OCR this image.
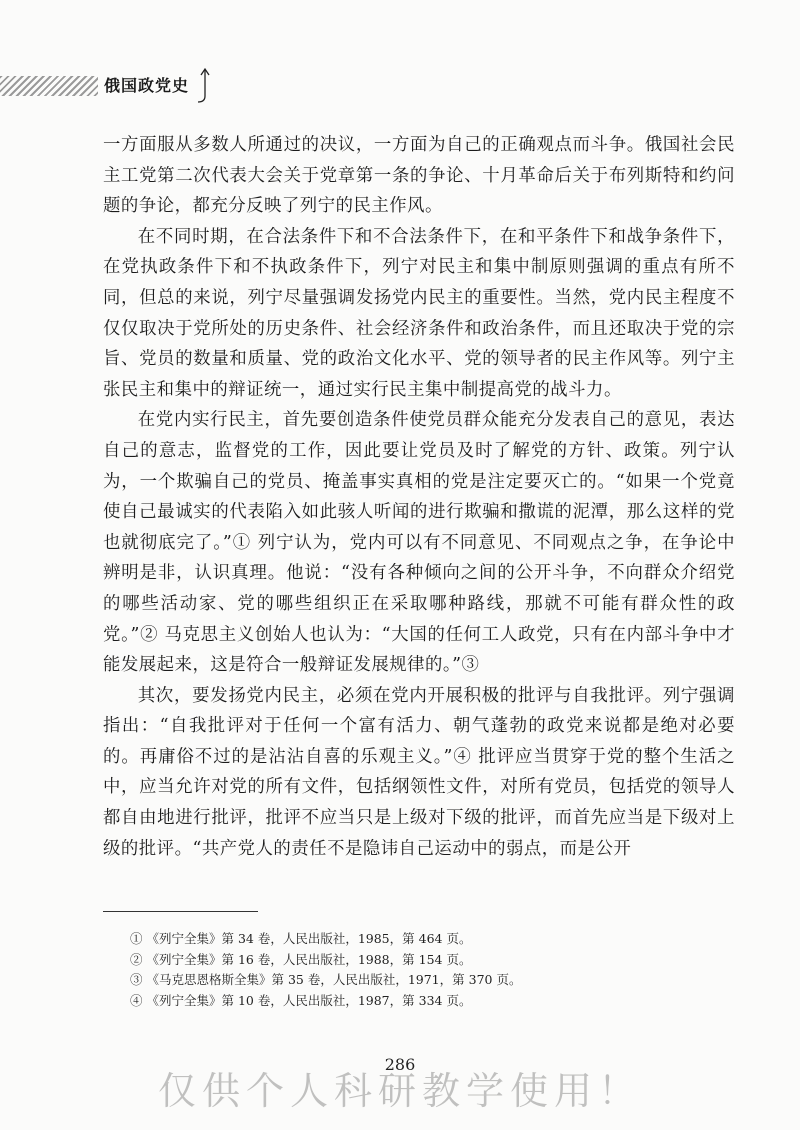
俄国政党史

一方面服从多数人所通过的决议，一方面为自己的正确观点而斗争。俄国社会民主工党第二次代表大会关于党章第一条的争论、十月革命后关于布列斯特和约问题的争论，都充分反映了列宁的民主作风。

在不同时期，在合法条件下和不合法条件下，在和平条件下和战争条件下，在党执政条件下和不执政条件下，列宁对民主和集中制原则强调的重点有所不同，但总的来说，列宁尽量强调发扬党内民主的重要性。当然，党内民主程度不仅仅取决于党所处的历史条件、社会经济条件和政治条件，而且还取决于党的宗旨、党员的数量和质量、党的政治文化水平、党的领导者的民主作风等。列宁主张民主和集中的辩证统一，通过实行民主集中制提高党的战斗力。

在党内实行民主，首先要创造条件使党员群众能充分发表自己的意见，表达自己的意志，监督党的工作，因此要让党员及时了解党的方针、政策。列宁认为，一个欺骗自己的党员、掩盖事实真相的党是注定要灭亡的。“如果一个党竟使自己最诚实的代表陷入如此骇人听闻的进行欺骗和撒谎的泥潭，那么这样的党也就彻底完了。”① 列宁认为，党内可以有不同意见、不同观点之争，在争论中辨明是非，认识真理。他说：“没有各种倾向之间的公开斗争，不向群众介绍党的哪些活动家、党的哪些组织正在采取哪种路线，那就不可能有群众性的政党。”② 马克思主义创始人也认为：“大国的任何工人政党，只有在内部斗争中才能发展起来，这是符合一般辩证发展规律的。”③

其次，要发扬党内民主，必须在党内开展积极的批评与自我批评。列宁强调指出：“自我批评对于任何一个富有活力、朝气蓬勃的政党来说都是绝对必要的。再庸俗不过的是沾沾自喜的乐观主义。”④ 批评应当贯穿于党的整个生活之中，应当允许对党的所有文件，包括纲领性文件，对所有党员，包括党的领导人都自由地进行批评，批评不应当只是上级对下级的批评，而首先应当是下级对上级的批评。“共产党人的责任不是隐讳自己运动中的弱点，而是公开

① 《列宁全集》第 34 卷，人民出版社，1985，第 464 页。
② 《列宁全集》第 16 卷，人民出版社，1988，第 154 页。
③ 《马克思恩格斯全集》第 35 卷，人民出版社，1971，第 370 页。
④ 《列宁全集》第 10 卷，人民出版社，1987，第 334 页。
286
仅供个人科研教学使用！
